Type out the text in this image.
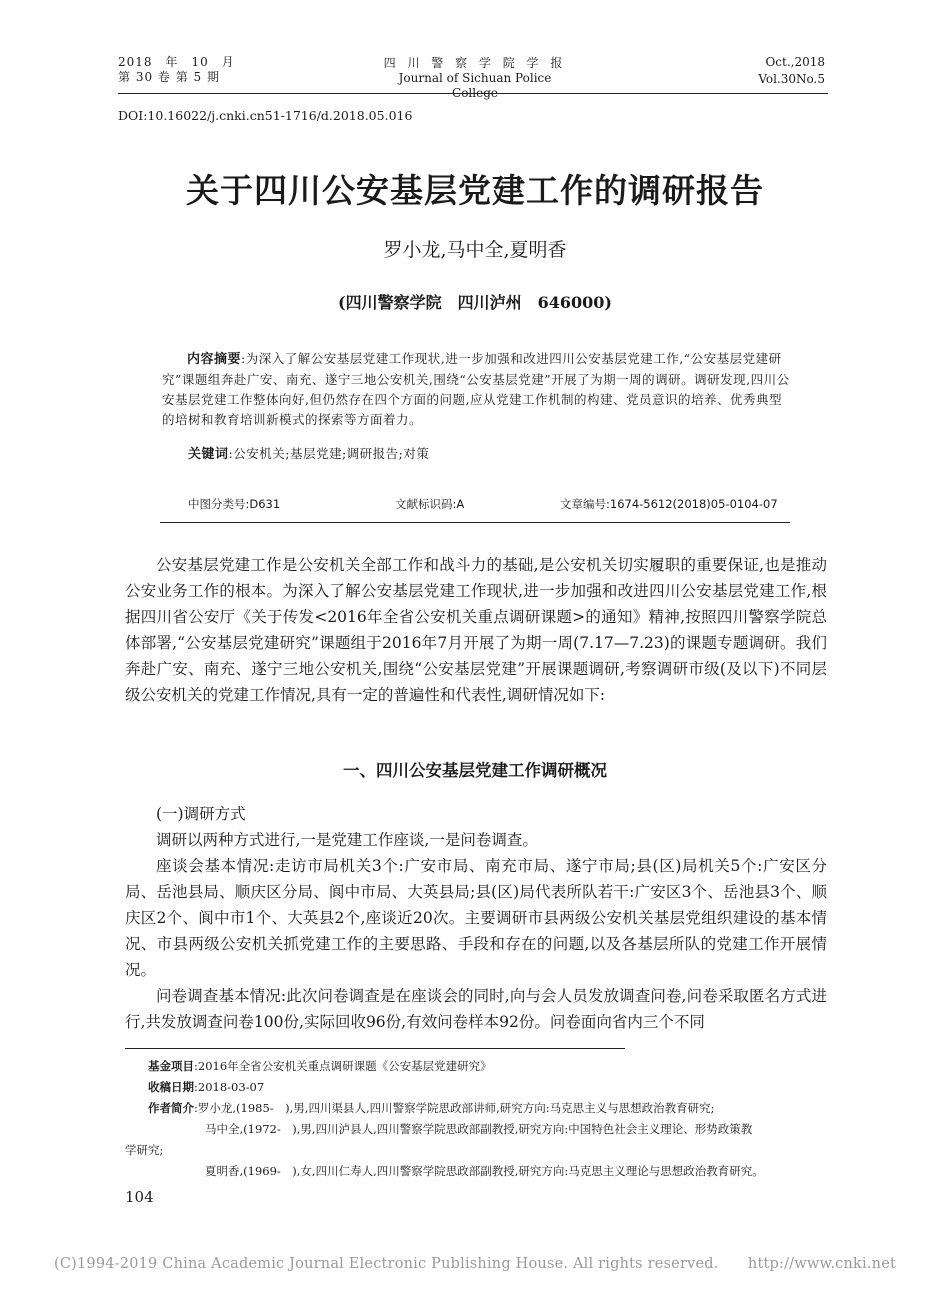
2018　年　10　月
第 30 卷 第 5 期
四 川 警 察 学 院 学 报
Journal of Sichuan Police College
Oct.,2018
Vol.30No.5
DOI:10.16022/j.cnki.cn51-1716/d.2018.05.016
关于四川公安基层党建工作的调研报告
罗小龙,马中全,夏明香
(四川警察学院　四川泸州　646000)
内容摘要:为深入了解公安基层党建工作现状,进一步加强和改进四川公安基层党建工作,“公安基层党建研究”课题组奔赴广安、南充、遂宁三地公安机关,围绕“公安基层党建”开展了为期一周的调研。调研发现,四川公安基层党建工作整体向好,但仍然存在四个方面的问题,应从党建工作机制的构建、党员意识的培养、优秀典型的培树和教育培训新模式的探索等方面着力。
关键词:公安机关;基层党建;调研报告;对策
中图分类号:D631	文献标识码:A	文章编号:1674-5612(2018)05-0104-07

公安基层党建工作是公安机关全部工作和战斗力的基础,是公安机关切实履职的重要保证,也是推动公安业务工作的根本。为深入了解公安基层党建工作现状,进一步加强和改进四川公安基层党建工作,根据四川省公安厅《关于传发<2016年全省公安机关重点调研课题>的通知》精神,按照四川警察学院总体部署,“公安基层党建研究”课题组于2016年7月开展了为期一周(7.17—7.23)的课题专题调研。我们奔赴广安、南充、遂宁三地公安机关,围绕“公安基层党建”开展课题调研,考察调研市级(及以下)不同层级公安机关的党建工作情况,具有一定的普遍性和代表性,调研情况如下:

一、四川公安基层党建工作调研概况

(一)调研方式

调研以两种方式进行,一是党建工作座谈,一是问卷调查。

座谈会基本情况:走访市局机关3个:广安市局、南充市局、遂宁市局;县(区)局机关5个:广安区分局、岳池县局、顺庆区分局、阆中市局、大英县局;县(区)局代表所队若干:广安区3个、岳池县3个、顺庆区2个、阆中市1个、大英县2个,座谈近20次。主要调研市县两级公安机关基层党组织建设的基本情况、市县两级公安机关抓党建工作的主要思路、手段和存在的问题,以及各基层所队的党建工作开展情况。

问卷调查基本情况:此次问卷调查是在座谈会的同时,向与会人员发放调查问卷,问卷采取匿名方式进行,共发放调查问卷100份,实际回收96份,有效问卷样本92份。问卷面向省内三个不同

基金项目:2016年全省公安机关重点调研课题《公安基层党建研究》
收稿日期:2018-03-07
作者简介:罗小龙,(1985-　),男,四川渠县人,四川警察学院思政部讲师,研究方向:马克思主义与思想政治教育研究;
马中全,(1972-　),男,四川泸县人,四川警察学院思政部副教授,研究方向:中国特色社会主义理论、形势政策教
学研究;
夏明香,(1969-　),女,四川仁寿人,四川警察学院思政部副教授,研究方向:马克思主义理论与思想政治教育研究。
104
(C)1994-2019 China Academic Journal Electronic Publishing House. All rights reserved.　　http://www.cnki.net
